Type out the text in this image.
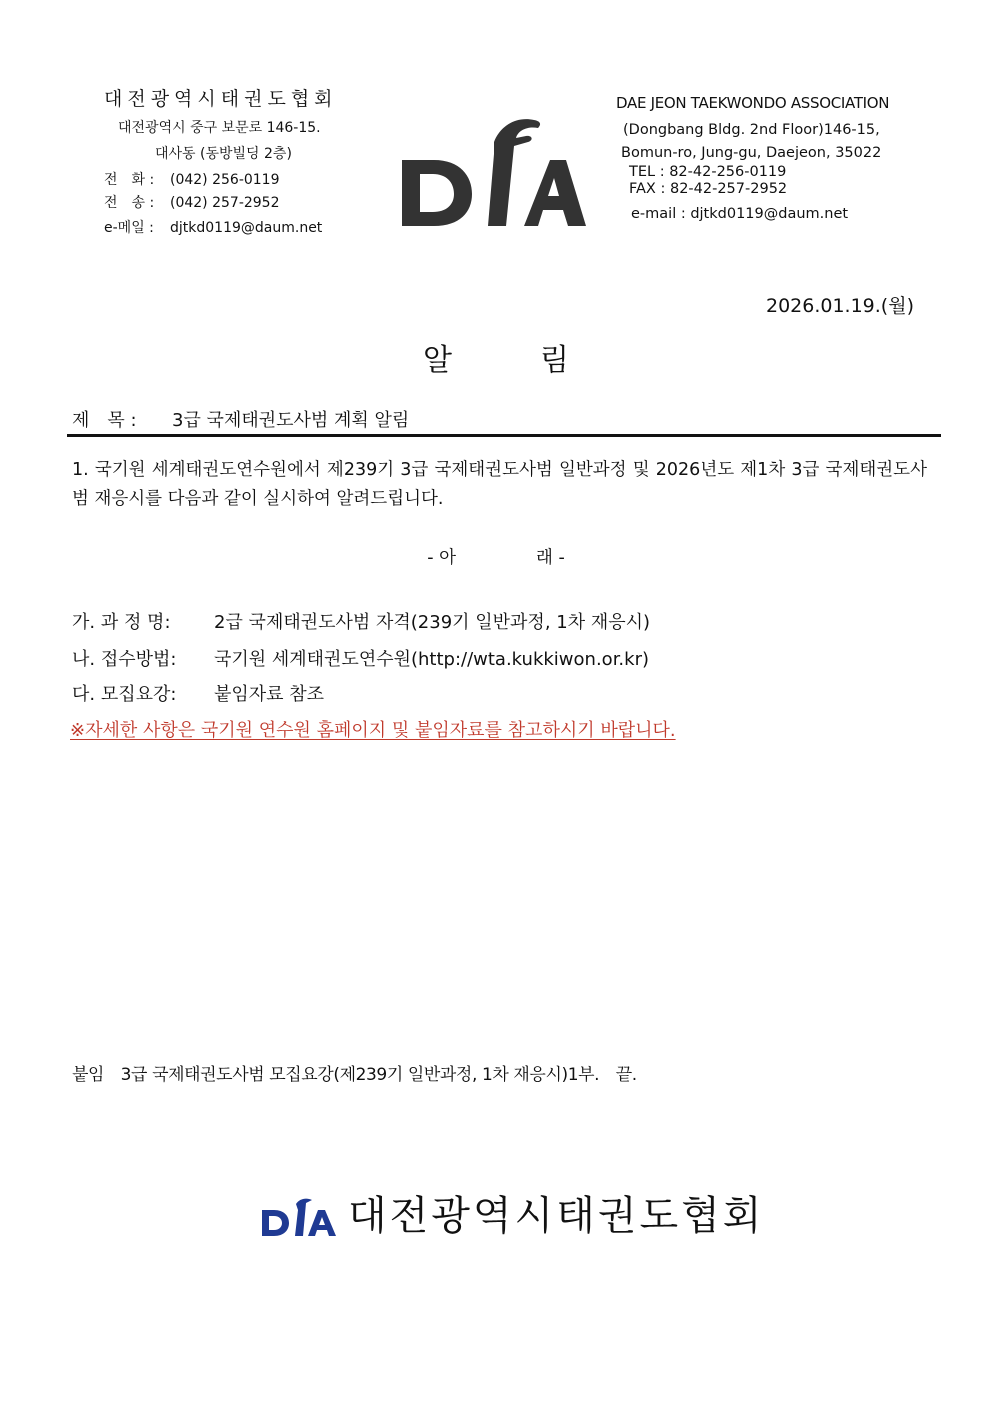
대전광역시태권도협회
대전광역시 중구 보문로 146-15.
대사동 (동방빌딩 2층)
전　화 : (042) 256-0119
전　송 : (042) 257-2952
e-메일 : djtkd0119@daum.net
DAE JEON TAEKWONDO ASSOCIATION
(Dongbang Bldg. 2nd Floor)146-15,
Bomun-ro, Jung-gu, Daejeon, 35022
TEL : 82-42-256-0119
FAX : 82-42-257-2952
e-mail : djtkd0119@daum.net
2026.01.19.(월)
알림
제　목 : 3급 국제태권도사범 계획 알림
1. 국기원 세계태권도연수원에서 제239기 3급 국제태권도사범 일반과정 및 2026년도 제1차 3급 국제태권도사범 재응시를 다음과 같이 실시하여 알려드립니다.
- 아	래 -
가. 과 정 명: 2급 국제태권도사범 자격(239기 일반과정, 1차 재응시)
나. 접수방법: 국기원 세계태권도연수원(http://wta.kukkiwon.or.kr)
다. 모집요강: 붙임자료 참조
※자세한 사항은 국기원 연수원 홈페이지 및 붙임자료를 참고하시기 바랍니다.
붙임　3급 국제태권도사범 모집요강(제239기 일반과정, 1차 재응시)1부.　끝.
대전광역시태권도협회
